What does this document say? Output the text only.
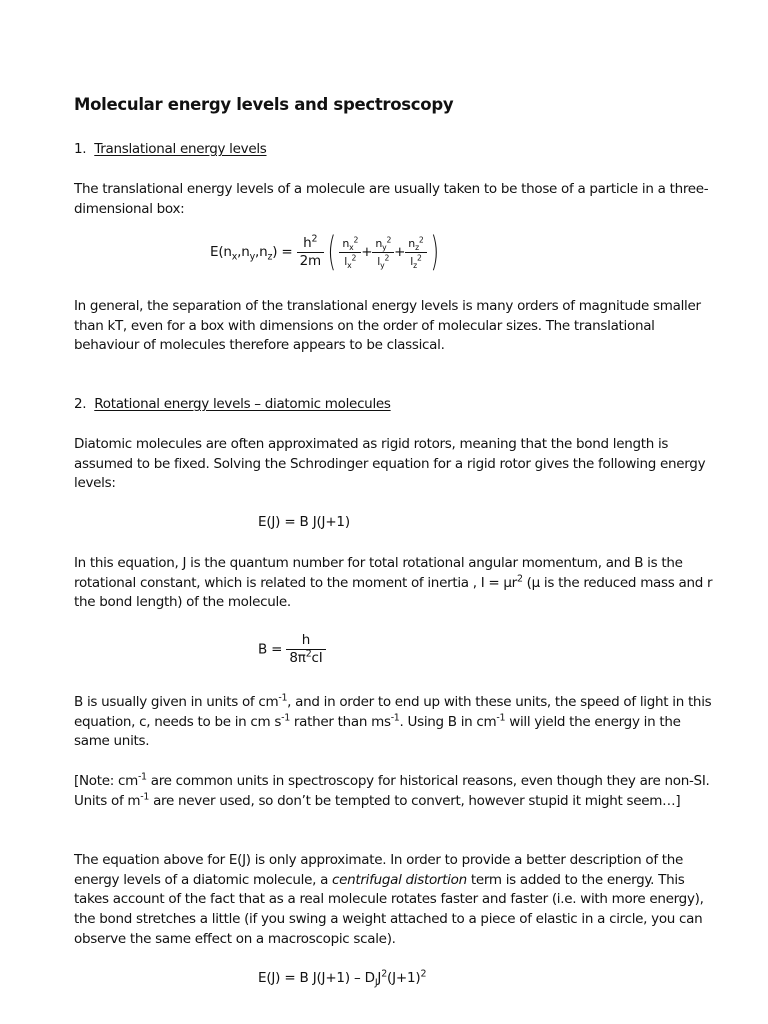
Molecular energy levels and spectroscopy
1. Translational energy levels

The translational energy levels of a molecule are usually taken to be those of a particle in a three-dimensional box:

$E(n_x,n_y,n_z) = \frac{h^2}{2m}$ ( $\frac{n_x^2}{l_x^2} + \frac{n_y^2}{l_y^2} + \frac{n_z^2}{l_z^2}$ )

In general, the separation of the translational energy levels is many orders of magnitude smaller than kT, even for a box with dimensions on the order of molecular sizes. The translational behaviour of molecules therefore appears to be classical.

2. Rotational energy levels – diatomic molecules

Diatomic molecules are often approximated as rigid rotors, meaning that the bond length is assumed to be fixed. Solving the Schrodinger equation for a rigid rotor gives the following energy levels:

E(J) = B J(J+1)

In this equation, J is the quantum number for total rotational angular momentum, and B is the rotational constant, which is related to the moment of inertia , $I = \mu r^2$ (μ is the reduced mass and r the bond length) of the molecule.

$B = \frac{h}{8\pi^2cI}$

B is usually given in units of $cm^{-1}$, and in order to end up with these units, the speed of light in this equation, c, needs to be in cm $s^{-1}$ rather than $ms^{-1}$. Using B in $cm^{-1}$ will yield the energy in the same units.

[Note: $cm^{-1}$ are common units in spectroscopy for historical reasons, even though they are non-SI. Units of $m^{-1}$ are never used, so don’t be tempted to convert, however stupid it might seem…]

The equation above for E(J) is only approximate. In order to provide a better description of the energy levels of a diatomic molecule, a centrifugal distortion term is added to the energy. This takes account of the fact that as a real molecule rotates faster and faster (i.e. with more energy), the bond stretches a little (if you swing a weight attached to a piece of elastic in a circle, you can observe the same effect on a macroscopic scale).

E(J) = B $J(J+1) - D_JJ^2(J+1)^2$
